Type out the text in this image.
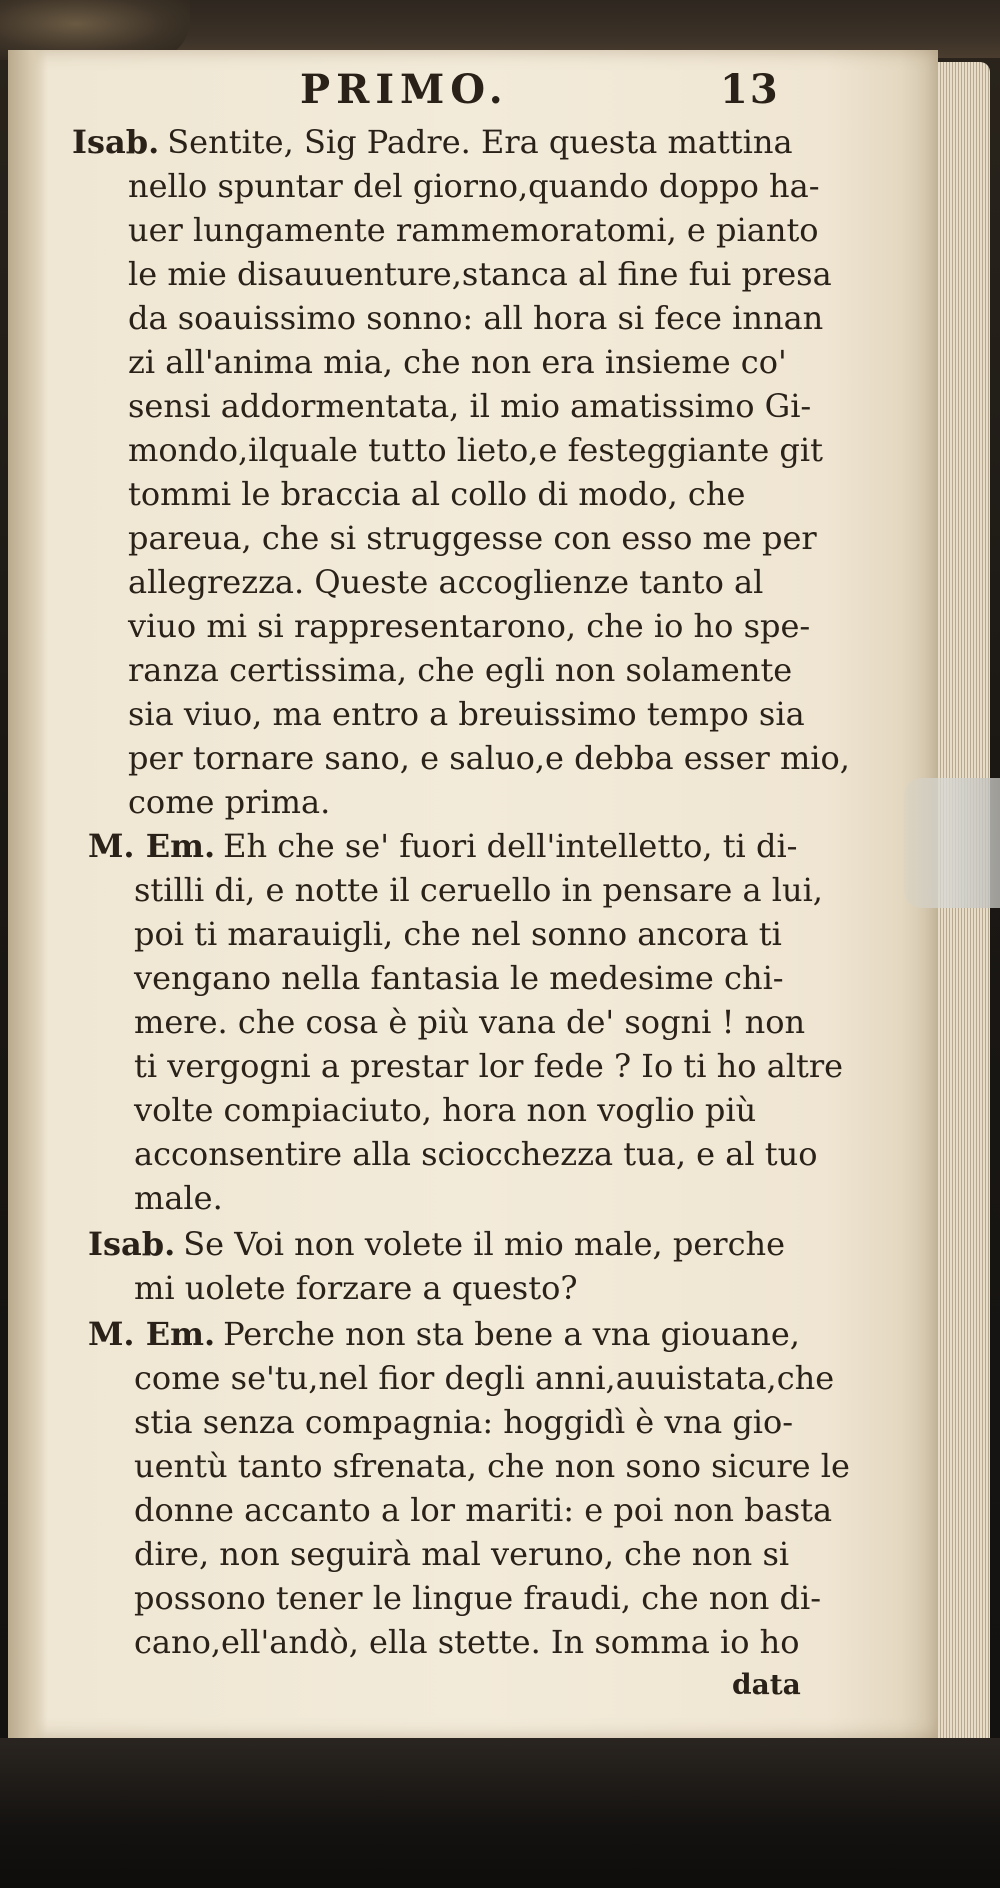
PRIMO.	13
Isab. Sentite, Sig Padre. Era questa mattina
nello spuntar del giorno,quando doppo ha-
uer lungamente rammemoratomi, e pianto
le mie disauuenture,stanca al fine fui presa
da soauissimo sonno: all hora si fece innan
zi all'anima mia, che non era insieme co'
sensi addormentata, il mio amatissimo Gi-
mondo,ilquale tutto lieto,e festeggiante git
tommi le braccia al collo di modo, che
pareua, che si struggesse con esso me per
allegrezza. Queste accoglienze tanto al
viuo mi si rappresentarono, che io ho spe-
ranza certissima, che egli non solamente
sia viuo, ma entro a breuissimo tempo sia
per tornare sano, e saluo,e debba esser mio,
come prima.
M. Em. Eh che se' fuori dell'intelletto, ti di-
stilli di, e notte il ceruello in pensare a lui,
poi ti marauigli, che nel sonno ancora ti
vengano nella fantasia le medesime chi-
mere. che cosa è più vana de' sogni ! non
ti vergogni a prestar lor fede ? Io ti ho altre
volte compiaciuto, hora non voglio più
acconsentire alla sciocchezza tua, e al tuo
male.
Isab. Se Voi non volete il mio male, perche
mi uolete forzare a questo?
M. Em. Perche non sta bene a vna giouane,
come se'tu,nel fior degli anni,auuistata,che
stia senza compagnia: hoggidì è vna gio-
uentù tanto sfrenata, che non sono sicure le
donne accanto a lor mariti: e poi non basta
dire, non seguirà mal veruno, che non si
possono tener le lingue fraudi, che non di-
cano,ell'andò, ella stette. In somma io ho
data
